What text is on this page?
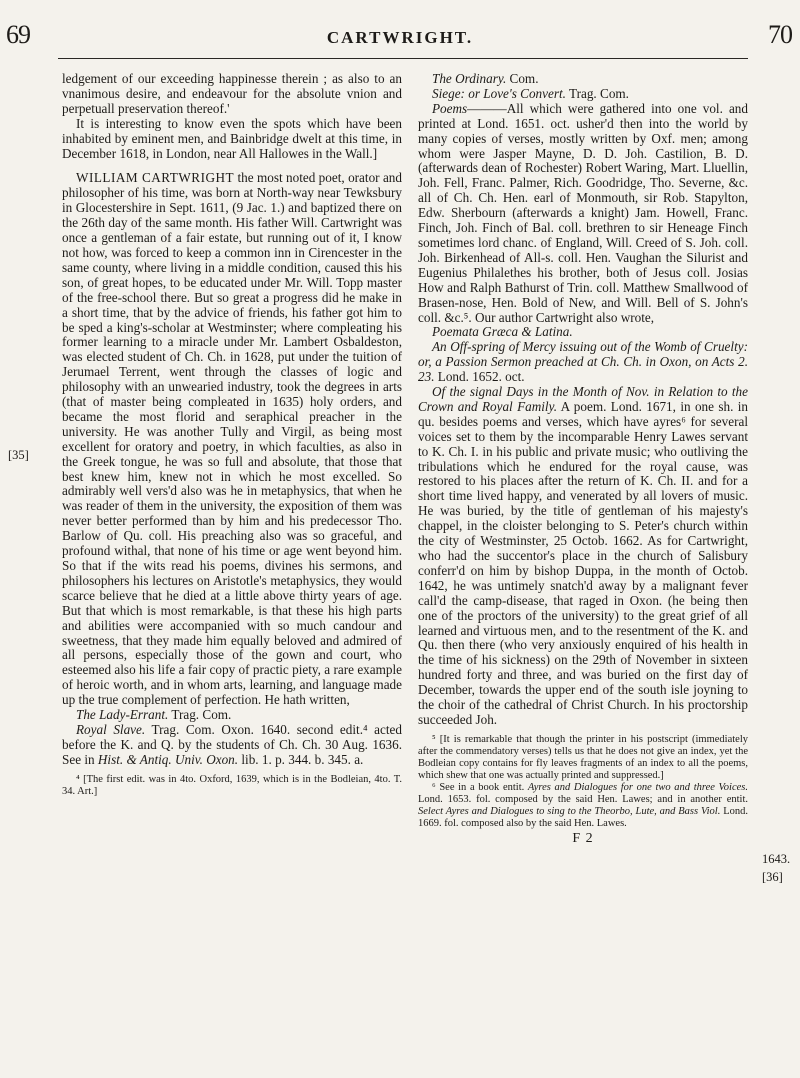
69	CARTWRIGHT.	70
[35]
1643.
[36]

ledgement of our exceeding happinesse therein ; as also to an vnanimous desire, and endeavour for the absolute vnion and perpetuall preservation thereof.'

It is interesting to know even the spots which have been inhabited by eminent men, and Bainbridge dwelt at this time, in December 1618, in London, near All Hallowes in the Wall.]

WILLIAM CARTWRIGHT the most noted poet, orator and philosopher of his time, was born at North-way near Tewksbury in Glocestershire in Sept. 1611, (9 Jac. 1.) and baptized there on the 26th day of the same month. His father Will. Cartwright was once a gentleman of a fair estate, but running out of it, I know not how, was forced to keep a common inn in Cirencester in the same county, where living in a middle condition, caused this his son, of great hopes, to be educated under Mr. Will. Topp master of the free-school there. But so great a progress did he make in a short time, that by the advice of friends, his father got him to be sped a king's-scholar at Westminster; where compleating his former learning to a miracle under Mr. Lambert Osbaldeston, was elected student of Ch. Ch. in 1628, put under the tuition of Jerumael Terrent, went through the classes of logic and philosophy with an unwearied industry, took the degrees in arts (that of master being compleated in 1635) holy orders, and became the most florid and seraphical preacher in the university. He was another Tully and Virgil, as being most excellent for oratory and poetry, in which faculties, as also in the Greek tongue, he was so full and absolute, that those that best knew him, knew not in which he most excelled. So admirably well vers'd also was he in metaphysics, that when he was reader of them in the university, the exposition of them was never better performed than by him and his predecessor Tho. Barlow of Qu. coll. His preaching also was so graceful, and profound withal, that none of his time or age went beyond him. So that if the wits read his poems, divines his sermons, and philosophers his lectures on Aristotle's metaphysics, they would scarce believe that he died at a little above thirty years of age. But that which is most remarkable, is that these his high parts and abilities were accompanied with so much candour and sweetness, that they made him equally beloved and admired of all persons, especially those of the gown and court, who esteemed also his life a fair copy of practic piety, a rare example of heroic worth, and in whom arts, learning, and language made up the true complement of perfection. He hath written,

The Lady-Errant. Trag. Com.

Royal Slave. Trag. Com. Oxon. 1640. second edit.⁴ acted before the K. and Q. by the students of Ch. Ch. 30 Aug. 1636. See in Hist. & Antiq. Univ. Oxon. lib. 1. p. 344. b. 345. a.

⁴ [The first edit. was in 4to. Oxford, 1639, which is in the Bodleian, 4to. T. 34. Art.]

The Ordinary. Com.

Siege: or Love's Convert. Trag. Com.

Poems———All which were gathered into one vol. and printed at Lond. 1651. oct. usher'd then into the world by many copies of verses, mostly written by Oxf. men; among whom were Jasper Mayne, D. D. Joh. Castilion, B. D. (afterwards dean of Rochester) Robert Waring, Mart. Lluellin, Joh. Fell, Franc. Palmer, Rich. Goodridge, Tho. Severne, &c. all of Ch. Ch. Hen. earl of Monmouth, sir Rob. Stapylton, Edw. Sherbourn (afterwards a knight) Jam. Howell, Franc. Finch, Joh. Finch of Bal. coll. brethren to sir Heneage Finch sometimes lord chanc. of England, Will. Creed of S. Joh. coll. Joh. Birkenhead of All-s. coll. Hen. Vaughan the Silurist and Eugenius Philalethes his brother, both of Jesus coll. Josias How and Ralph Bathurst of Trin. coll. Matthew Smallwood of Brasen-nose, Hen. Bold of New, and Will. Bell of S. John's coll. &c.⁵. Our author Cartwright also wrote,

Poemata Græca & Latina.

An Off-spring of Mercy issuing out of the Womb of Cruelty: or, a Passion Sermon preached at Ch. Ch. in Oxon, on Acts 2. 23. Lond. 1652. oct.

Of the signal Days in the Month of Nov. in Relation to the Crown and Royal Family. A poem. Lond. 1671, in one sh. in qu. besides poems and verses, which have ayres⁶ for several voices set to them by the incomparable Henry Lawes servant to K. Ch. I. in his public and private music; who outliving the tribulations which he endured for the royal cause, was restored to his places after the return of K. Ch. II. and for a short time lived happy, and venerated by all lovers of music. He was buried, by the title of gentleman of his majesty's chappel, in the cloister belonging to S. Peter's church within the city of Westminster, 25 Octob. 1662. As for Cartwright, who had the succentor's place in the church of Salisbury conferr'd on him by bishop Duppa, in the month of Octob. 1642, he was untimely snatch'd away by a malignant fever call'd the camp-disease, that raged in Oxon. (he being then one of the proctors of the university) to the great grief of all learned and virtuous men, and to the resentment of the K. and Qu. then there (who very anxiously enquired of his health in the time of his sickness) on the 29th of November in sixteen hundred forty and three, and was buried on the first day of December, towards the upper end of the south isle joyning to the choir of the cathedral of Christ Church. In his proctorship succeeded Joh.

⁵ [It is remarkable that though the printer in his postscript (immediately after the commendatory verses) tells us that he does not give an index, yet the Bodleian copy contains for fly leaves fragments of an index to all the poems, which shew that one was actually printed and suppressed.]

⁶ See in a book entit. Ayres and Dialogues for one two and three Voices. Lond. 1653. fol. composed by the said Hen. Lawes; and in another entit. Select Ayres and Dialogues to sing to the Theorbo, Lute, and Bass Viol. Lond. 1669. fol. composed also by the said Hen. Lawes.

F 2
